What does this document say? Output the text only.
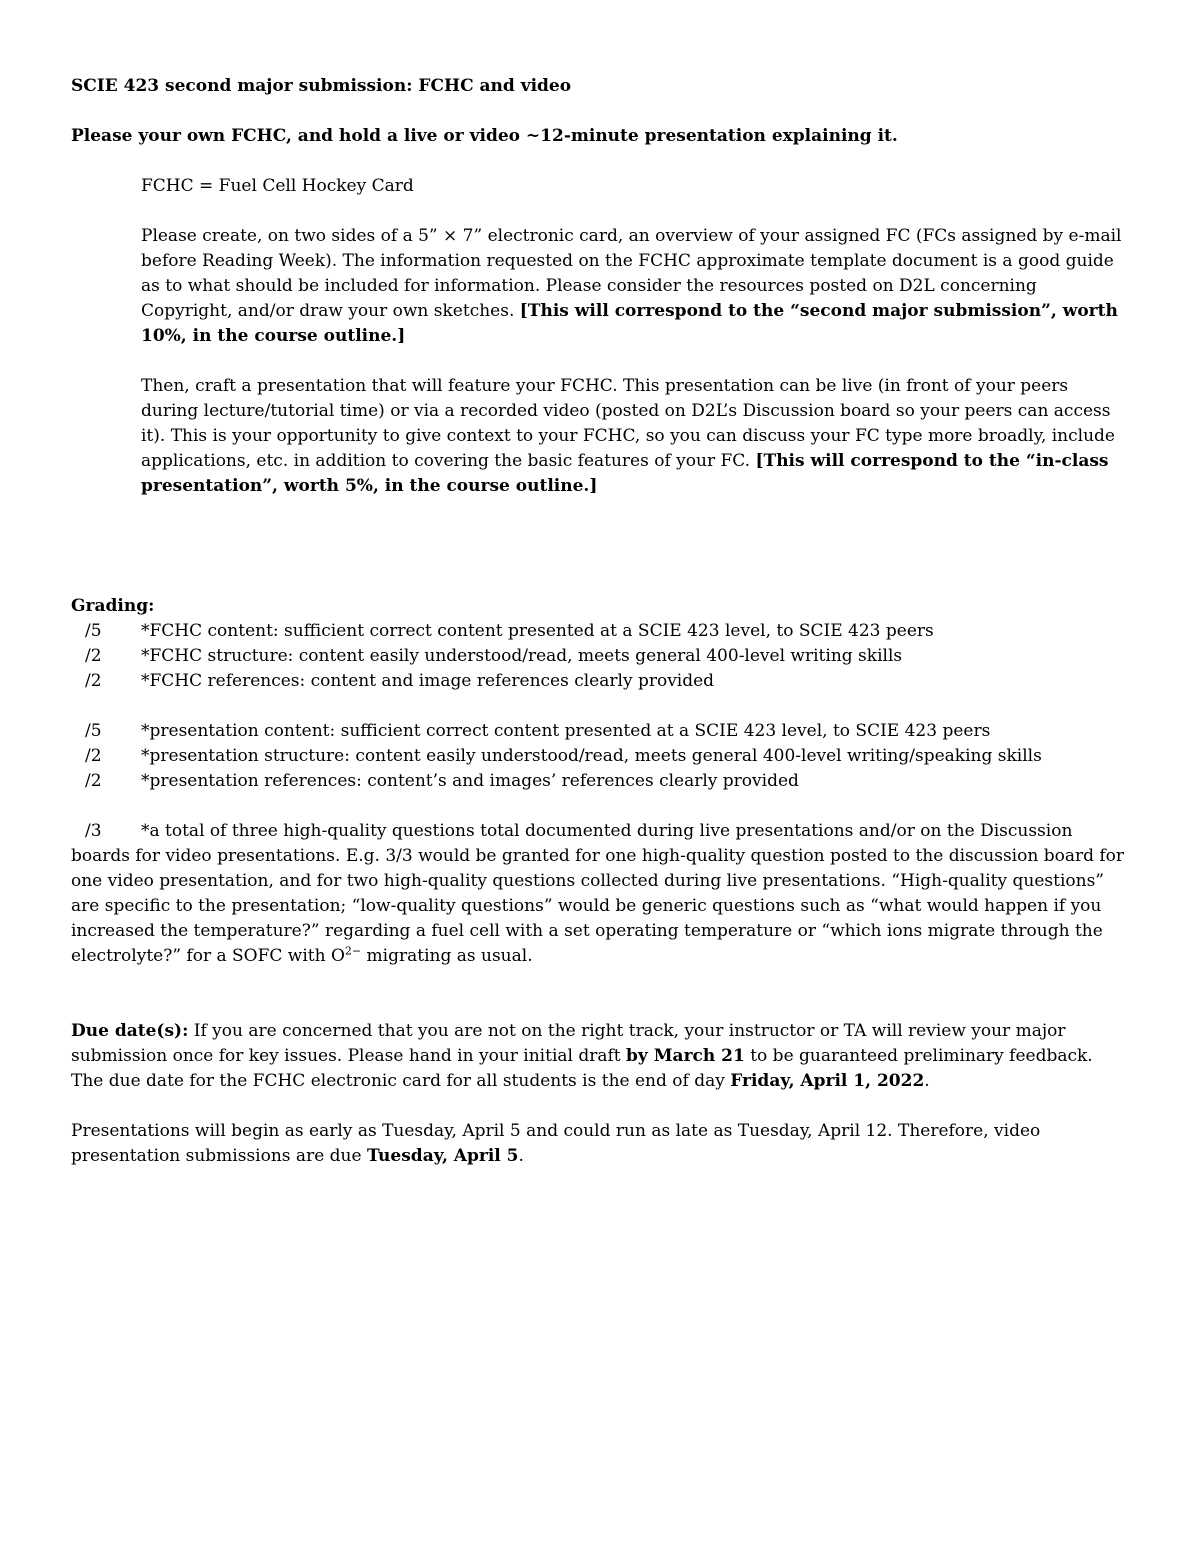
SCIE 423 second major submission: FCHC and video

Please your own FCHC, and hold a live or video ~12-minute presentation explaining it.

FCHC = Fuel Cell Hockey Card

Please create, on two sides of a 5” × 7” electronic card, an overview of your assigned FC (FCs assigned by e-mail before Reading Week). The information requested on the FCHC approximate template document is a good guide as to what should be included for information. Please consider the resources posted on D2L concerning Copyright, and/or draw your own sketches. [This will correspond to the “second major submission”, worth 10%, in the course outline.]

Then, craft a presentation that will feature your FCHC. This presentation can be live (in front of your peers during lecture/tutorial time) or via a recorded video (posted on D2L’s Discussion board so your peers can access it). This is your opportunity to give context to your FCHC, so you can discuss your FC type more broadly, include applications, etc. in addition to covering the basic features of your FC. [This will correspond to the “in-class presentation”, worth 5%, in the course outline.]

Grading:

/5	*FCHC content: sufficient correct content presented at a SCIE 423 level, to SCIE 423 peers
/2	*FCHC structure: content easily understood/read, meets general 400-level writing skills
/2	*FCHC references: content and image references clearly provided
/5	*presentation content: sufficient correct content presented at a SCIE 423 level, to SCIE 423 peers
/2	*presentation structure: content easily understood/read, meets general 400-level writing/speaking skills
/2	*presentation references: content’s and images’ references clearly provided

/3 *a total of three high-quality questions total documented during live presentations and/or on the Discussion boards for video presentations. E.g. 3/3 would be granted for one high-quality question posted to the discussion board for one video presentation, and for two high-quality questions collected during live presentations. “High-quality questions” are specific to the presentation; “low-quality questions” would be generic questions such as “what would happen if you increased the temperature?” regarding a fuel cell with a set operating temperature or “which ions migrate through the electrolyte?” for a SOFC with $O^{2-}$ migrating as usual.

Due date(s): If you are concerned that you are not on the right track, your instructor or TA will review your major submission once for key issues. Please hand in your initial draft by March 21 to be guaranteed preliminary feedback. The due date for the FCHC electronic card for all students is the end of day Friday, April 1, 2022.

Presentations will begin as early as Tuesday, April 5 and could run as late as Tuesday, April 12. Therefore, video presentation submissions are due Tuesday, April 5.
